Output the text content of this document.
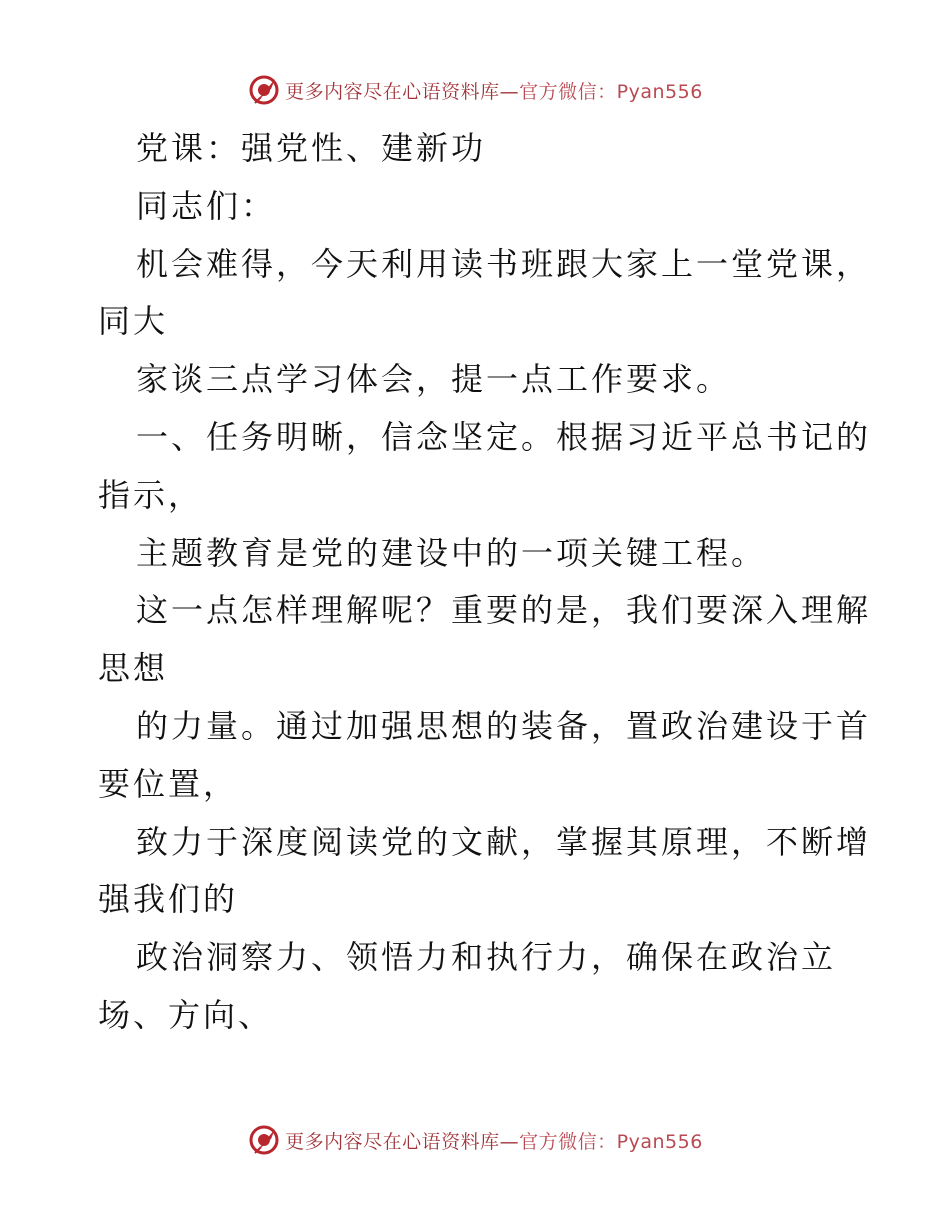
更多内容尽在心语资料库—官方微信：Pyan556
党课：强党性、建新功
同志们：
机会难得，今天利用读书班跟大家上一堂党课，
同大
家谈三点学习体会，提一点工作要求。
一、任务明晰，信念坚定。根据习近平总书记的
指示，
主题教育是党的建设中的一项关键工程。
这一点怎样理解呢？重要的是，我们要深入理解
思想
的力量。通过加强思想的装备，置政治建设于首
要位置，
致力于深度阅读党的文献，掌握其原理，不断增
强我们的
政治洞察力、领悟力和执行力，确保在政治立
场、方向、
更多内容尽在心语资料库—官方微信：Pyan556
